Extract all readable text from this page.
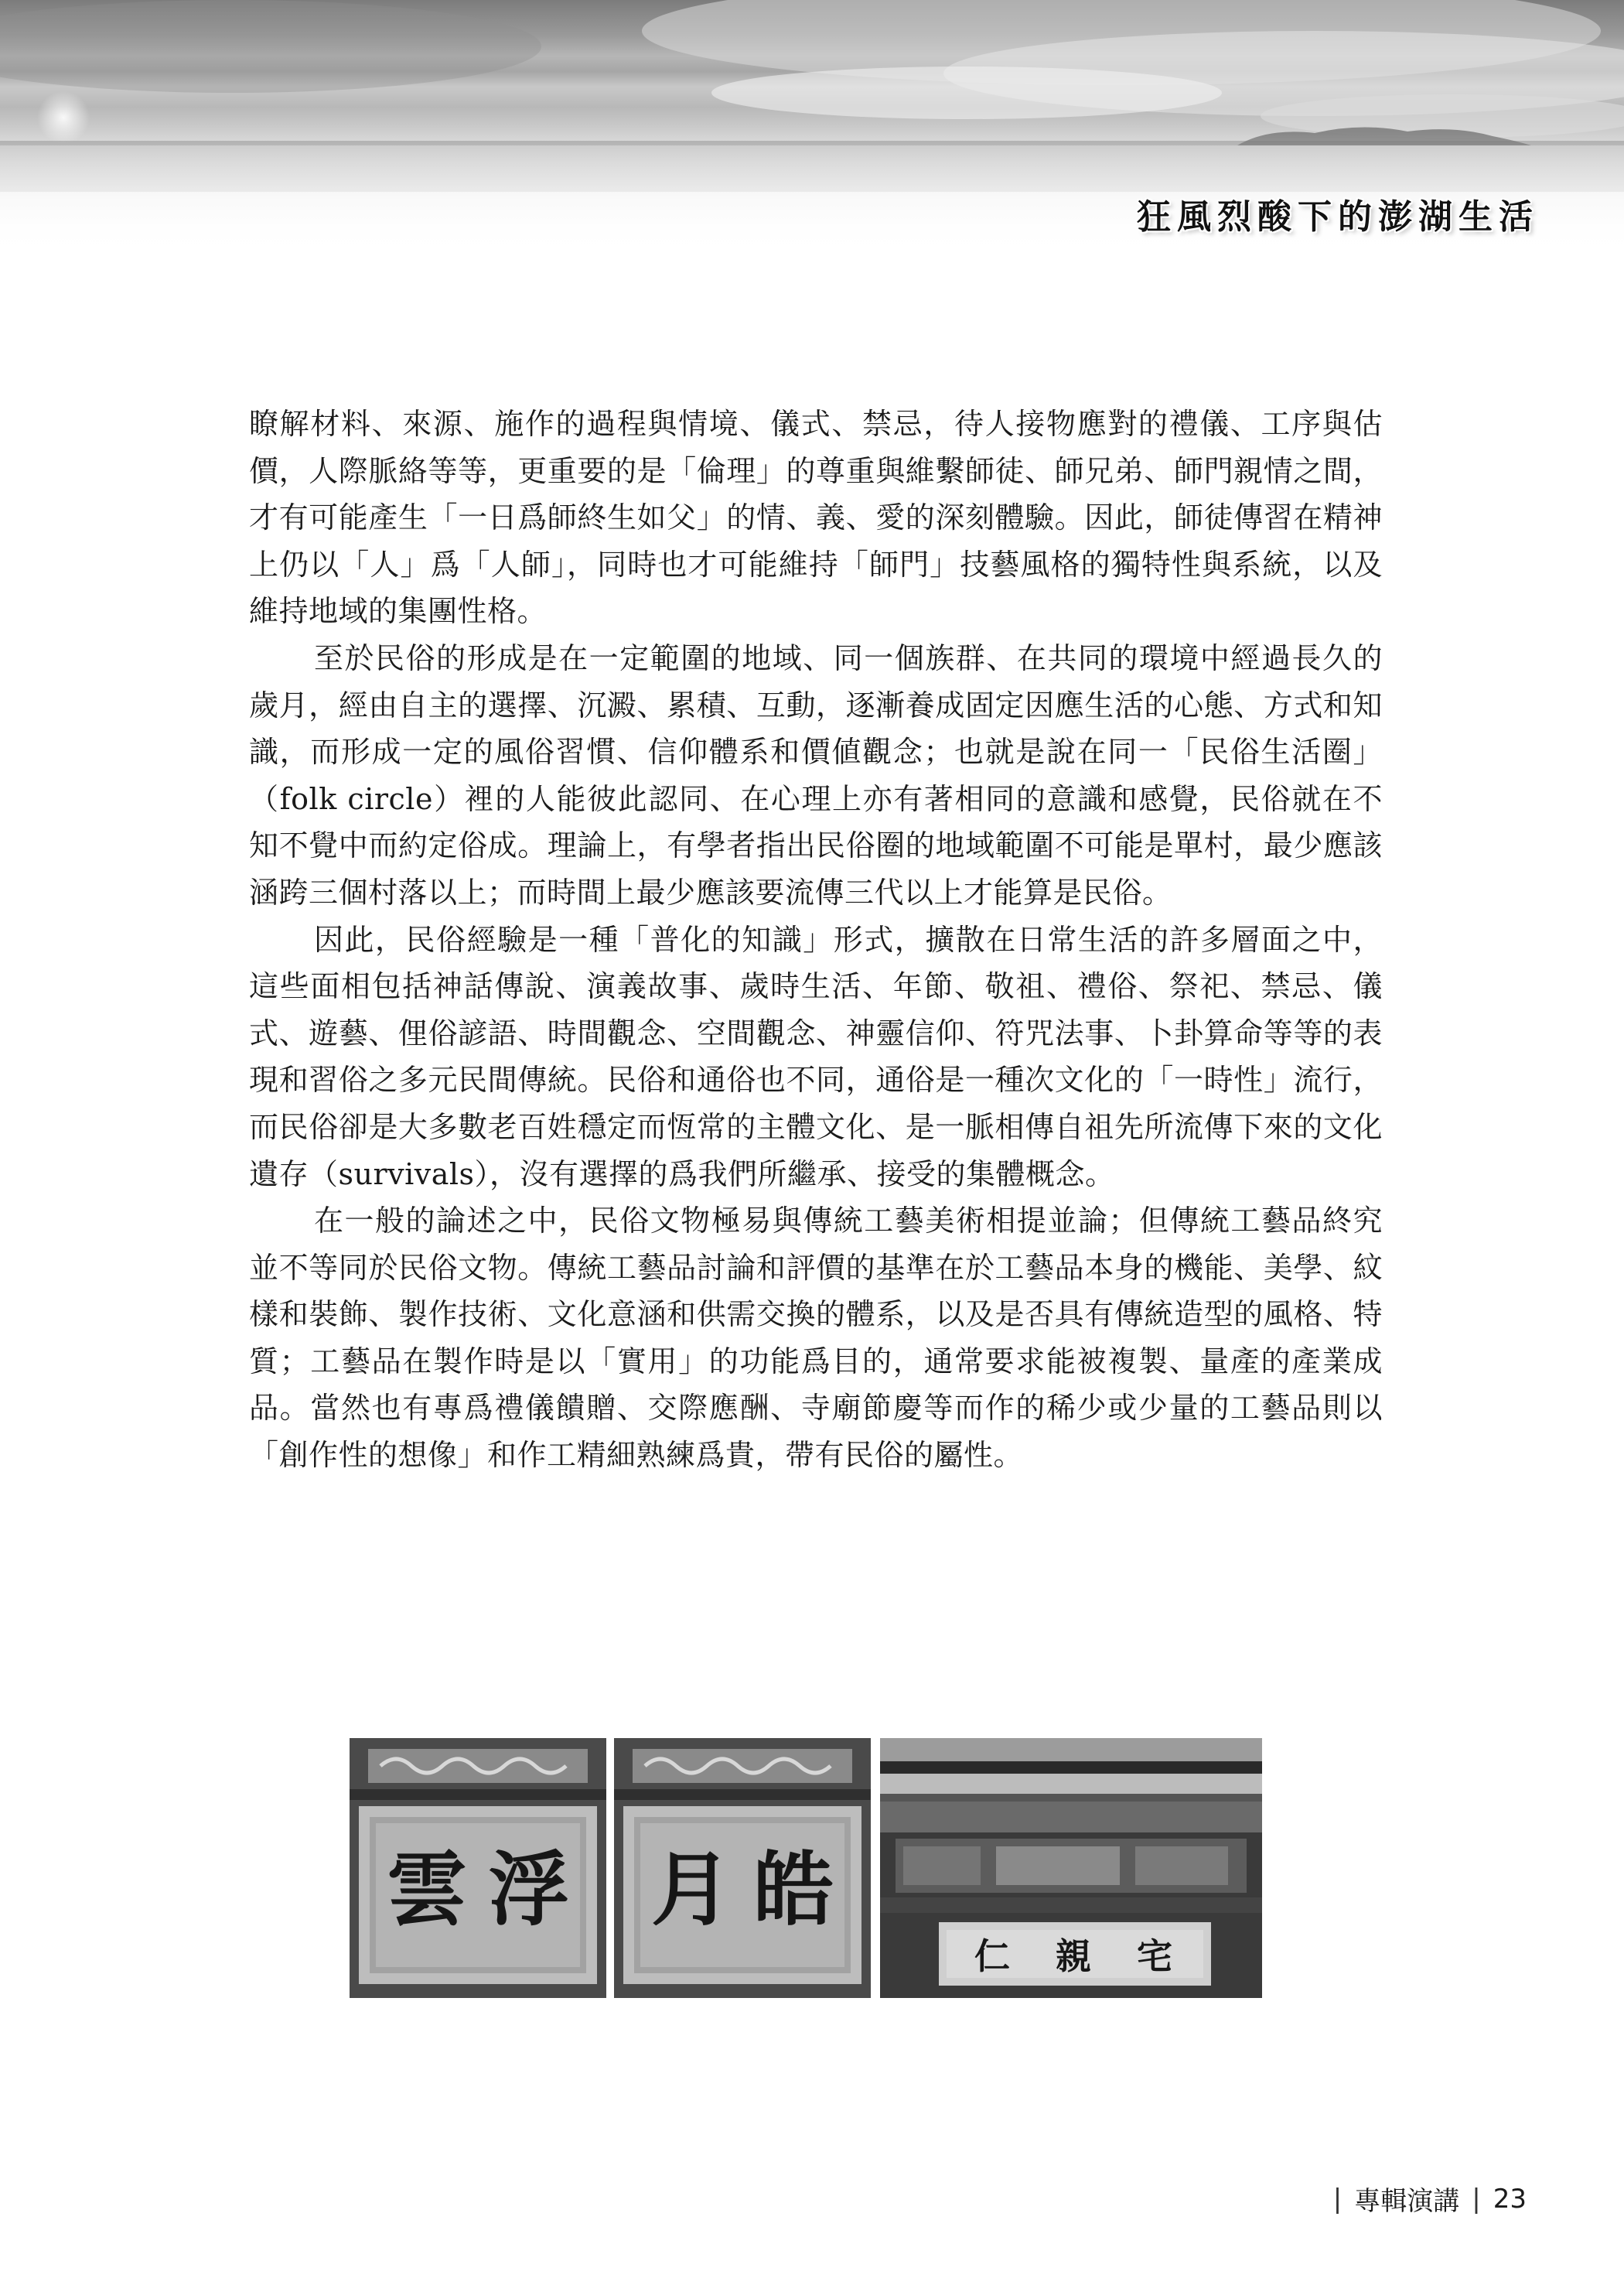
狂風烈酸下的澎湖生活

瞭解材料、來源、施作的過程與情境、儀式、禁忌，待人接物應對的禮儀、工序與估價，人際脈絡等等，更重要的是「倫理」的尊重與維繫師徒、師兄弟、師門親情之間，才有可能產生「一日爲師終生如父」的情、義、愛的深刻體驗。因此，師徒傳習在精神上仍以「人」爲「人師」，同時也才可能維持「師門」技藝風格的獨特性與系統，以及維持地域的集團性格。

至於民俗的形成是在一定範圍的地域、同一個族群、在共同的環境中經過長久的歲月，經由自主的選擇、沉澱、累積、互動，逐漸養成固定因應生活的心態、方式和知識，而形成一定的風俗習慣、信仰體系和價値觀念；也就是說在同一「民俗生活圈」（folk circle）裡的人能彼此認同、在心理上亦有著相同的意識和感覺，民俗就在不知不覺中而約定俗成。理論上，有學者指出民俗圈的地域範圍不可能是單村，最少應該涵跨三個村落以上；而時間上最少應該要流傳三代以上才能算是民俗。

因此，民俗經驗是一種「普化的知識」形式，擴散在日常生活的許多層面之中，這些面相包括神話傳說、演義故事、歲時生活、年節、敬祖、禮俗、祭祀、禁忌、儀式、遊藝、俚俗諺語、時間觀念、空間觀念、神靈信仰、符咒法事、卜卦算命等等的表現和習俗之多元民間傳統。民俗和通俗也不同，通俗是一種次文化的「一時性」流行，而民俗卻是大多數老百姓穩定而恆常的主體文化、是一脈相傳自祖先所流傳下來的文化遺存（survivals），沒有選擇的爲我們所繼承、接受的集體概念。

在一般的論述之中，民俗文物極易與傳統工藝美術相提並論；但傳統工藝品終究並不等同於民俗文物。傳統工藝品討論和評價的基準在於工藝品本身的機能、美學、紋樣和裝飾、製作技術、文化意涵和供需交換的體系，以及是否具有傳統造型的風格、特質；工藝品在製作時是以「實用」的功能爲目的，通常要求能被複製、量產的產業成品。當然也有專爲禮儀饋贈、交際應酬、寺廟節慶等而作的稀少或少量的工藝品則以「創作性的想像」和作工精細熟練爲貴，帶有民俗的屬性。

雲 浮 月 皓
仁 親 宅
| 專輯演講 | 23
